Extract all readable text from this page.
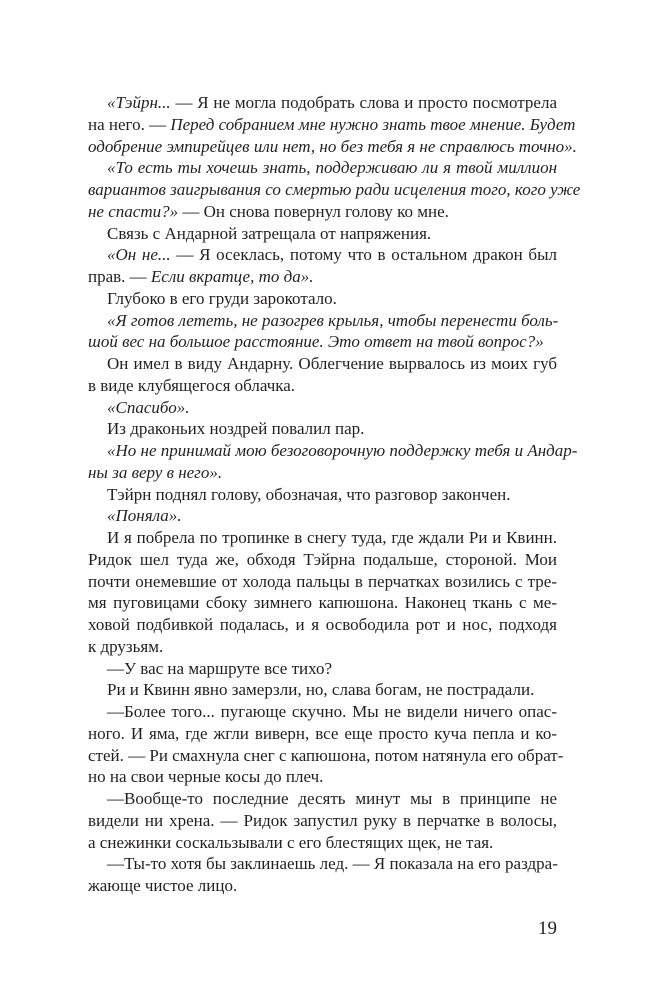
«Тэйрн... — Я не могла подобрать слова и просто посмотрела
на него. — Перед собранием мне нужно знать твое мнение. Будет
одобрение эмпирейцев или нет, но без тебя я не справлюсь точно».
«То есть ты хочешь знать, поддерживаю ли я твой миллион
вариантов заигрывания со смертью ради исцеления того, кого уже
не спасти?» — Он снова повернул голову ко мне.
Связь с Андарной затрещала от напряжения.
«Он не... — Я осеклась, потому что в остальном дракон был
прав. — Если вкратце, то да».
Глубоко в его груди зарокотало.
«Я готов лететь, не разогрев крылья, чтобы перенести боль-
шой вес на большое расстояние. Это ответ на твой вопрос?»
Он имел в виду Андарну. Облегчение вырвалось из моих губ
в виде клубящегося облачка.
«Спасибо».
Из драконьих ноздрей повалил пар.
«Но не принимай мою безоговорочную поддержку тебя и Андар-
ны за веру в него».
Тэйрн поднял голову, обозначая, что разговор закончен.
«Поняла».
И я побрела по тропинке в снегу туда, где ждали Ри и Квинн.
Ридок шел туда же, обходя Тэйрна подальше, стороной. Мои
почти онемевшие от холода пальцы в перчатках возились с тре-
мя пуговицами сбоку зимнего капюшона. Наконец ткань с ме-
ховой подбивкой подалась, и я освободила рот и нос, подходя
к друзьям.
—У вас на маршруте все тихо?
Ри и Квинн явно замерзли, но, слава богам, не пострадали.
—Более того... пугающе скучно. Мы не видели ничего опас-
ного. И яма, где жгли виверн, все еще просто куча пепла и ко-
стей. — Ри смахнула снег с капюшона, потом натянула его обрат-
но на свои черные косы до плеч.
—Вообще-то последние десять минут мы в принципе не
видели ни хрена. — Ридок запустил руку в перчатке в волосы,
а снежинки соскальзывали с его блестящих щек, не тая.
—Ты-то хотя бы заклинаешь лед. — Я показала на его раздра-
жающе чистое лицо.
19
